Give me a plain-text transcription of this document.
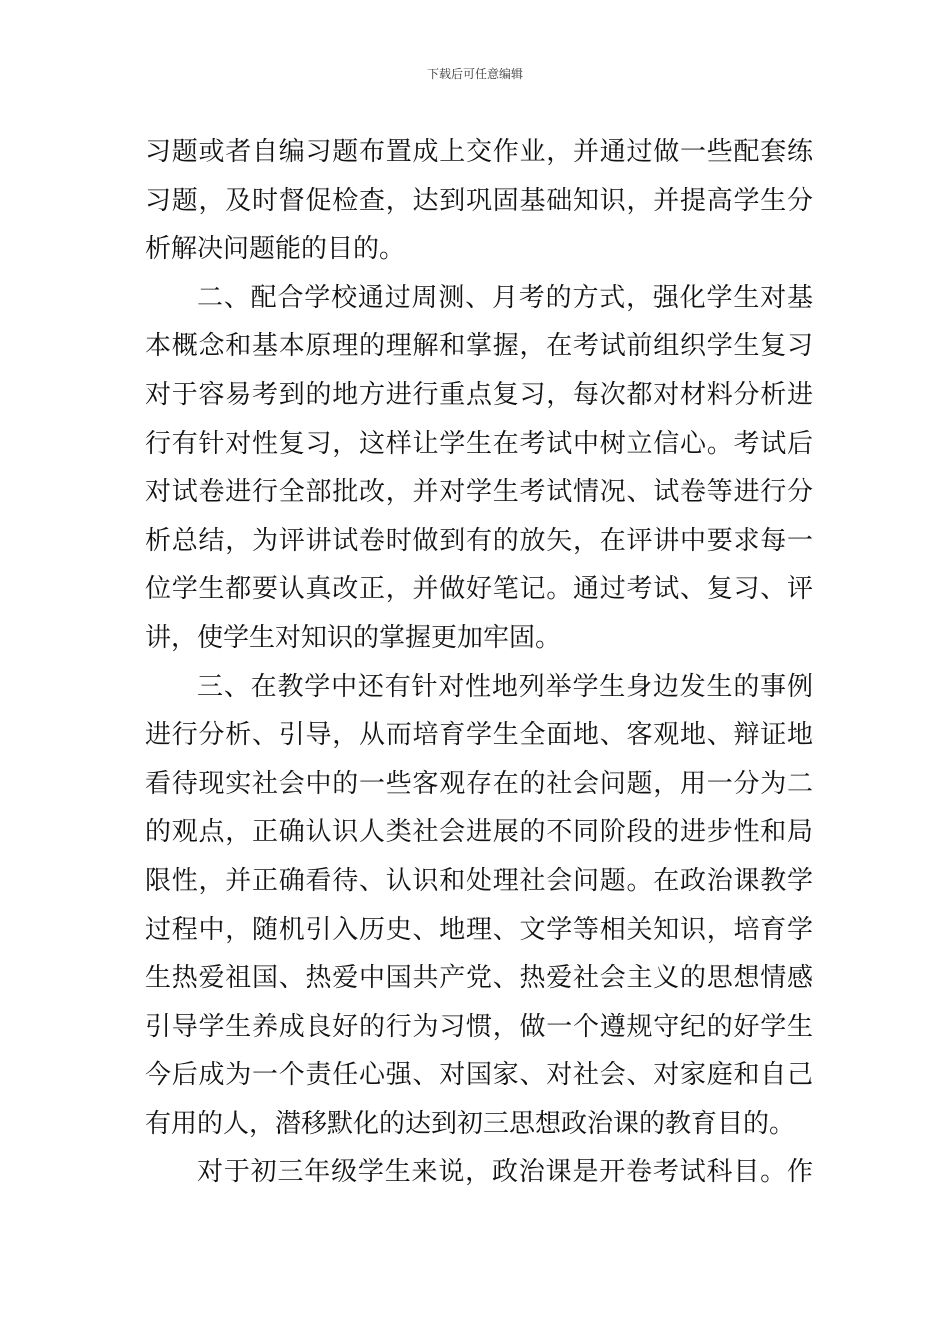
下载后可任意编辑
习题或者自编习题布置成上交作业，并通过做一些配套练
习题，及时督促检查，达到巩固基础知识，并提高学生分
析解决问题能的目的。
二、配合学校通过周测、月考的方式，强化学生对基
本概念和基本原理的理解和掌握，在考试前组织学生复习
对于容易考到的地方进行重点复习，每次都对材料分析进
行有针对性复习，这样让学生在考试中树立信心。考试后
对试卷进行全部批改，并对学生考试情况、试卷等进行分
析总结，为评讲试卷时做到有的放矢，在评讲中要求每一
位学生都要认真改正，并做好笔记。通过考试、复习、评
讲，使学生对知识的掌握更加牢固。
三、在教学中还有针对性地列举学生身边发生的事例
进行分析、引导，从而培育学生全面地、客观地、辩证地
看待现实社会中的一些客观存在的社会问题，用一分为二
的观点，正确认识人类社会进展的不同阶段的进步性和局
限性，并正确看待、认识和处理社会问题。在政治课教学
过程中，随机引入历史、地理、文学等相关知识，培育学
生热爱祖国、热爱中国共产党、热爱社会主义的思想情感
引导学生养成良好的行为习惯，做一个遵规守纪的好学生
今后成为一个责任心强、对国家、对社会、对家庭和自己
有用的人，潜移默化的达到初三思想政治课的教育目的。
对于初三年级学生来说，政治课是开卷考试科目。作
